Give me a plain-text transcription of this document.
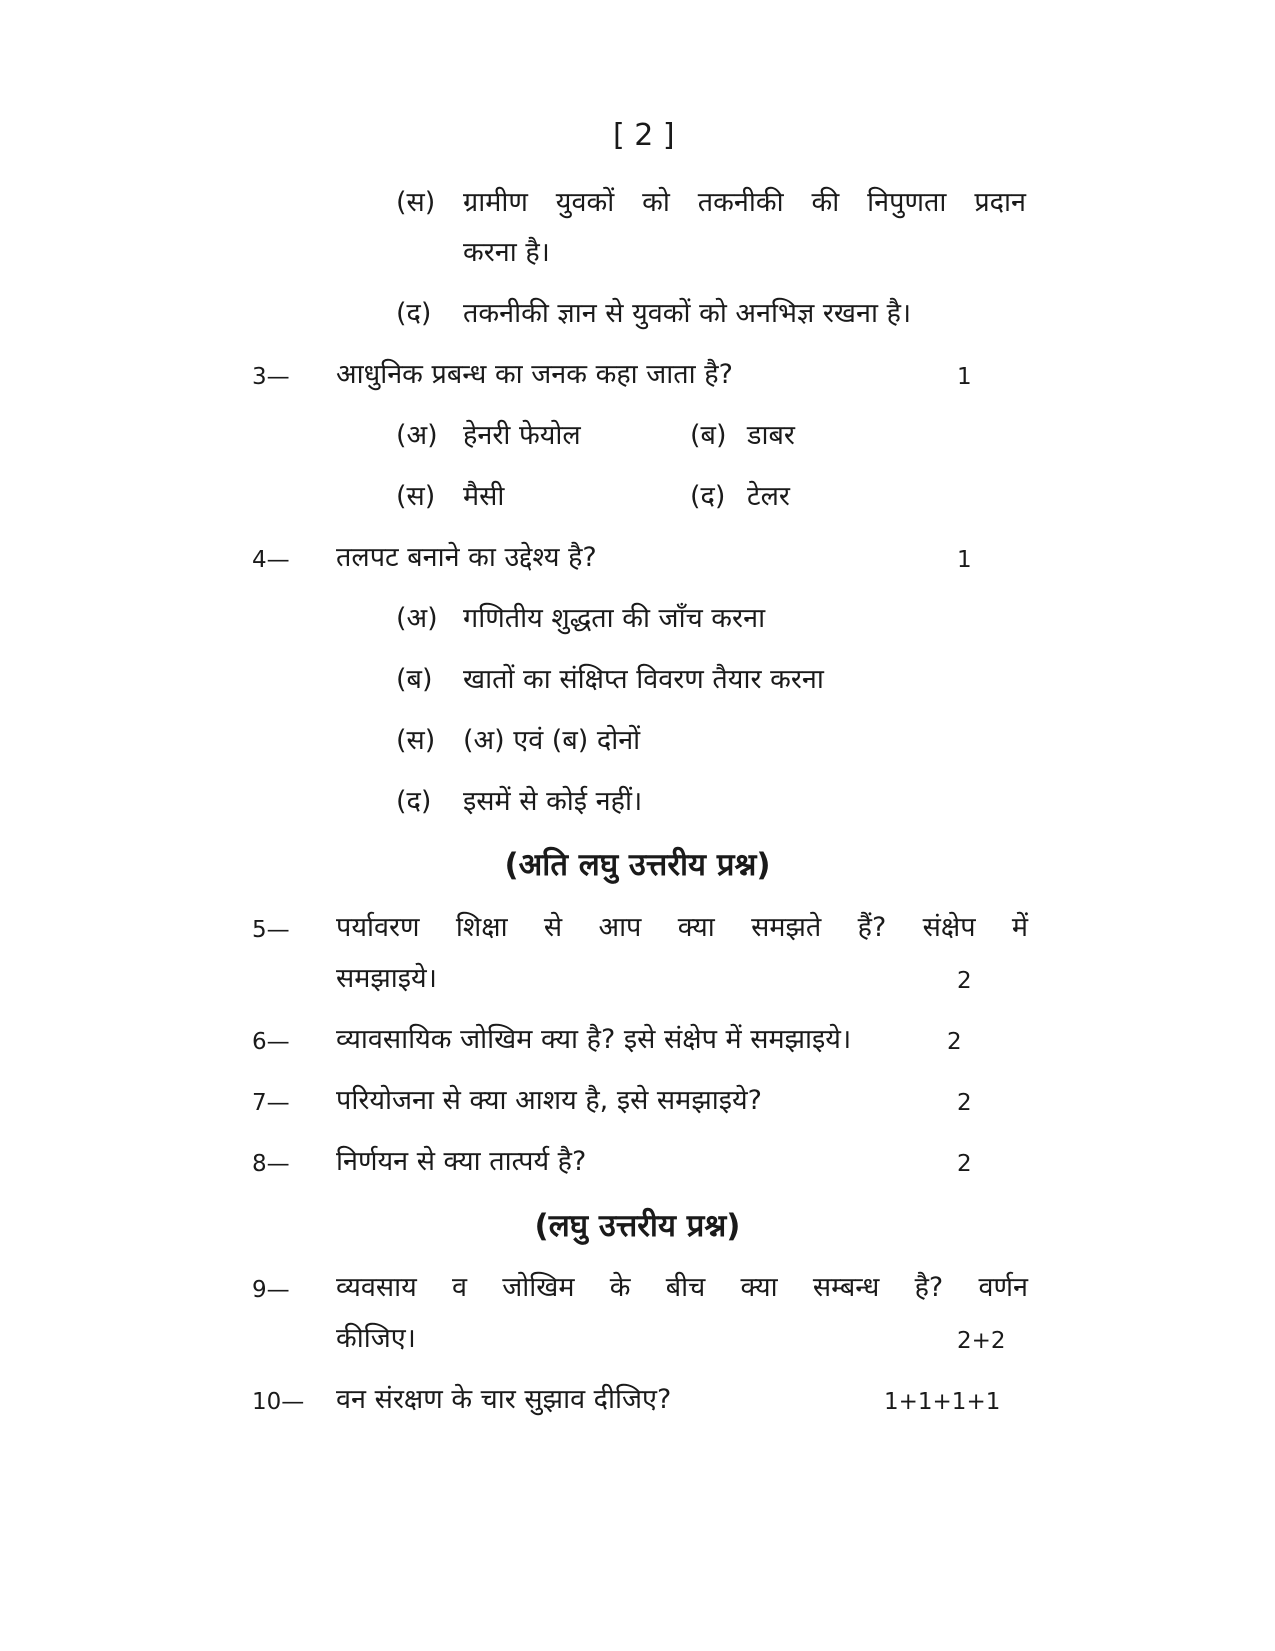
[ 2 ]
(स) ग्रामीण युवकों को तकनीकी की निपुणता प्रदान
करना है।
(द) तकनीकी ज्ञान से युवकों को अनभिज्ञ रखना है।
3— आधुनिक प्रबन्ध का जनक कहा जाता है?	1
(अ) हेनरी फेयोल	(ब) डाबर
(स) मैसी	(द) टेलर
4— तलपट बनाने का उद्देश्य है?	1
(अ) गणितीय शुद्धता की जाँच करना
(ब) खातों का संक्षिप्त विवरण तैयार करना
(स) (अ) एवं (ब) दोनों
(द) इसमें से कोई नहीं।
(अति लघु उत्तरीय प्रश्न)
5— पर्यावरण शिक्षा से आप क्या समझते हैं? संक्षेप में
समझाइये।	2
6— व्यावसायिक जोखिम क्या है? इसे संक्षेप में समझाइये।	2
7— परियोजना से क्या आशय है, इसे समझाइये?	2
8— निर्णयन से क्या तात्पर्य है?	2
(लघु उत्तरीय प्रश्न)
9— व्यवसाय व जोखिम के बीच क्या सम्बन्ध है? वर्णन
कीजिए।	2+2
10— वन संरक्षण के चार सुझाव दीजिए?	1+1+1+1
